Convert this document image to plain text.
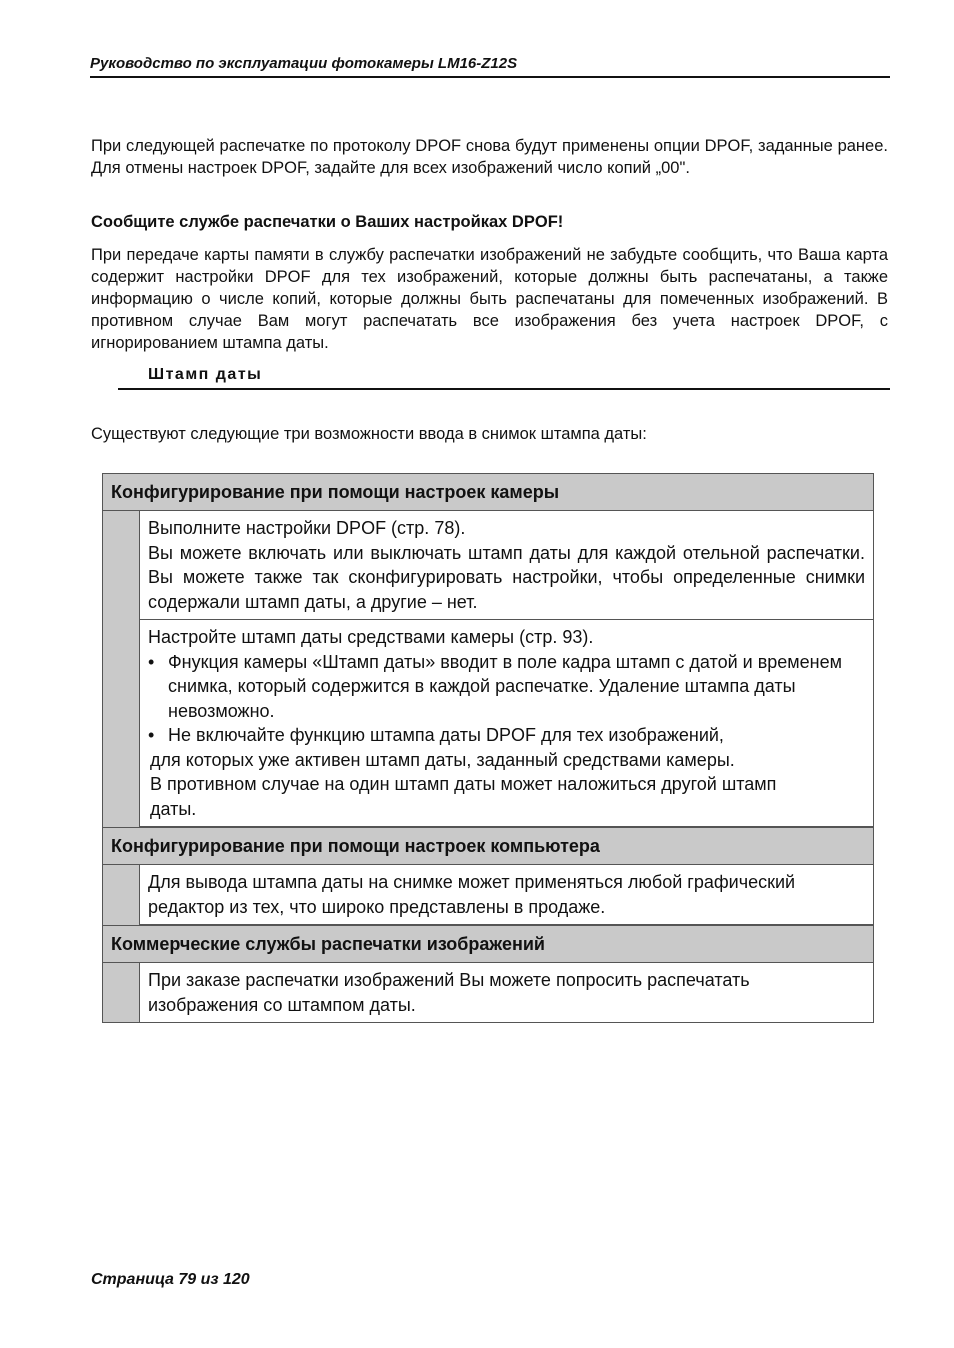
Руководство по эксплуатации фотокамеры LM16-Z12S

При следующей распечатке по протоколу DPOF снова будут применены опции DPOF, заданные ранее. Для отмены настроек DPOF, задайте для всех изображений число копий „00".

Сообщите службе распечатки о Ваших настройках DPOF!

При передаче карты памяти в службу распечатки изображений не забудьте сообщить, что Ваша карта содержит настройки DPOF для тех изображений, которые должны быть распечатаны, а также информацию о числе копий, которые должны быть распечатаны для помеченных изображений. В противном случае Вам могут распечатать все изображения без учета настроек DPOF, с игнорированием штампа даты.

Штамп даты

Существуют следующие три возможности ввода в снимок штампа даты:

Конфигурирование при помощи настроек камеры
Выполните настройки DPOF (стр. 78).
Вы можете включать или выключать штамп даты для каждой отельной распечатки. Вы можете также так сконфигурировать настройки, чтобы определенные снимки содержали штамп даты, а другие – нет.
Настройте штамп даты средствами камеры (стр. 93).
• Фнукция камеры «Штамп даты» вводит в поле кадра штамп с датой и временем снимка, который содержится в каждой распечатке. Удаление штампа даты невозможно.
• Не включайте функцию штампа даты DPOF для тех изображений,
для которых уже активен штамп даты, заданный средствами камеры.
В противном случае на один штамп даты может наложиться другой штамп даты.
Конфигурирование при помощи настроек компьютера
Для вывода штампа даты на снимке может применяться любой графический редактор из тех, что широко представлены в продаже.
Коммерческие службы распечатки изображений
При заказе распечатки изображений Вы можете попросить распечатать изображения со штампом даты.
Страница 79 из 120
